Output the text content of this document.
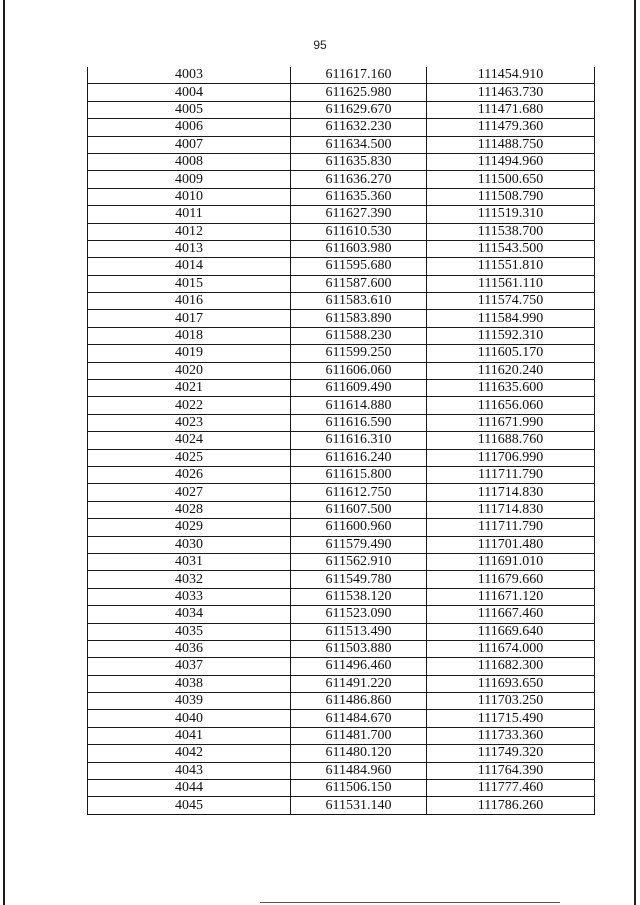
95
4003	611617.160	111454.910
4004	611625.980	111463.730
4005	611629.670	111471.680
4006	611632.230	111479.360
4007	611634.500	111488.750
4008	611635.830	111494.960
4009	611636.270	111500.650
4010	611635.360	111508.790
4011	611627.390	111519.310
4012	611610.530	111538.700
4013	611603.980	111543.500
4014	611595.680	111551.810
4015	611587.600	111561.110
4016	611583.610	111574.750
4017	611583.890	111584.990
4018	611588.230	111592.310
4019	611599.250	111605.170
4020	611606.060	111620.240
4021	611609.490	111635.600
4022	611614.880	111656.060
4023	611616.590	111671.990
4024	611616.310	111688.760
4025	611616.240	111706.990
4026	611615.800	111711.790
4027	611612.750	111714.830
4028	611607.500	111714.830
4029	611600.960	111711.790
4030	611579.490	111701.480
4031	611562.910	111691.010
4032	611549.780	111679.660
4033	611538.120	111671.120
4034	611523.090	111667.460
4035	611513.490	111669.640
4036	611503.880	111674.000
4037	611496.460	111682.300
4038	611491.220	111693.650
4039	611486.860	111703.250
4040	611484.670	111715.490
4041	611481.700	111733.360
4042	611480.120	111749.320
4043	611484.960	111764.390
4044	611506.150	111777.460
4045	611531.140	111786.260
